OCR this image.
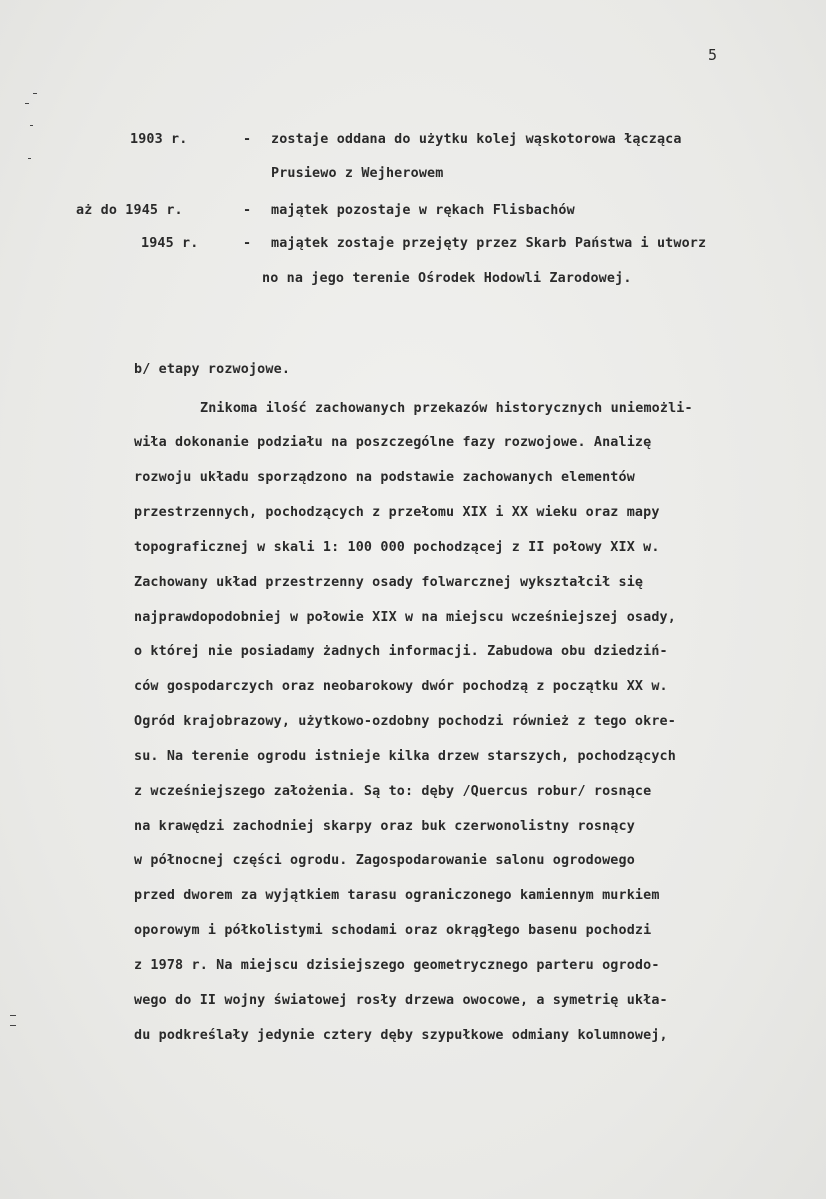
5
1903 r.	- zostaje oddana do użytku kolej wąskotorowa łącząca
Prusiewo z Wejherowem
aż do 1945 r.	- majątek pozostaje w rękach Flisbachów
1945 r.	- majątek zostaje przejęty przez Skarb Państwa i utworz
no na jego terenie Ośrodek Hodowli Zarodowej.
b/ etapy rozwojowe.
Znikoma ilość zachowanych przekazów historycznych uniemożli-
wiła dokonanie podziału na poszczególne fazy rozwojowe. Analizę
rozwoju układu sporządzono na podstawie zachowanych elementów
przestrzennych, pochodzących z przełomu XIX i XX wieku oraz mapy
topograficznej w skali 1: 100 000 pochodzącej z II połowy XIX w.
Zachowany układ przestrzenny osady folwarcznej wykształcił się
najprawdopodobniej w połowie XIX w na miejscu wcześniejszej osady,
o której nie posiadamy żadnych informacji. Zabudowa obu dziedziń-
ców gospodarczych oraz neobarokowy dwór pochodzą z początku XX w.
Ogród krajobrazowy, użytkowo-ozdobny pochodzi również z tego okre-
su. Na terenie ogrodu istnieje kilka drzew starszych, pochodzących
z wcześniejszego założenia. Są to: dęby /Quercus robur/ rosnące
na krawędzi zachodniej skarpy oraz buk czerwonolistny rosnący
w północnej części ogrodu. Zagospodarowanie salonu ogrodowego
przed dworem za wyjątkiem tarasu ograniczonego kamiennym murkiem
oporowym i półkolistymi schodami oraz okrągłego basenu pochodzi
z 1978 r. Na miejscu dzisiejszego geometrycznego parteru ogrodo-
wego do II wojny światowej rosły drzewa owocowe, a symetrię ukła-
du podkreślały jedynie cztery dęby szypułkowe odmiany kolumnowej,
